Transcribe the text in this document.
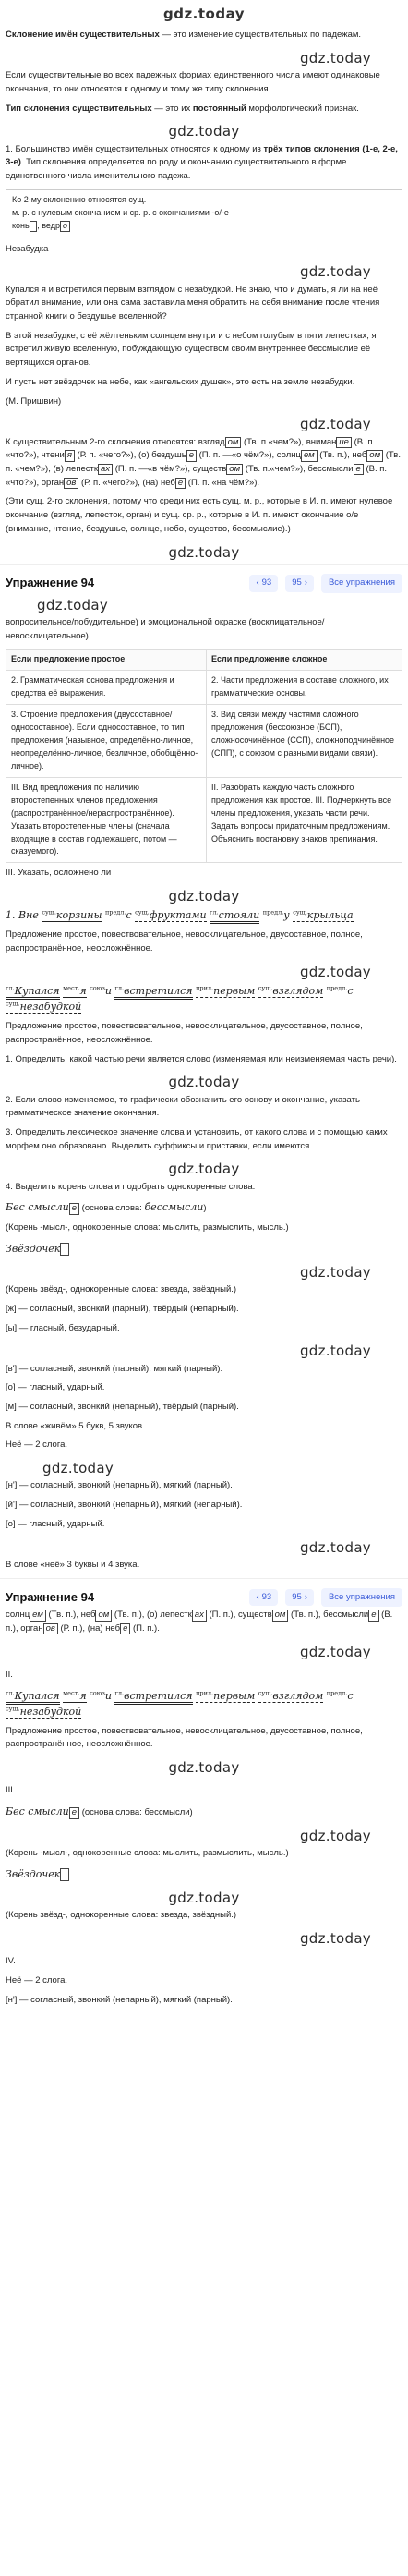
gdz.today

Склонение имён существительных — это изменение существительных по падежам.

gdz.today

Если существительные во всех падежных формах единственного числа имеют одинаковые окончания, то они относятся к одному и тому же типу склонения.

Тип склонения существительных — это их постоянный морфологический признак.

gdz.today

1. Большинство имён существительных относятся к одному из трёх типов склонения (1-е, 2-е, 3-е). Тип склонения определяется по роду и окончанию существительного в форме единственного числа именительного падежа.

Ко 2-му склонению относятся сущ.
м. р. с нулевым окончанием и ср. р. с окончаниями -о/-е
конь , ведр о

Незабудка

gdz.today

Купался я и встретился первым взглядом с незабудкой. Не знаю, что и думать, я ли на неё обратил внимание, или она сама заставила меня обратить на себя внимание после чтения странной книги о бездушье вселенной?

В этой незабудке, с её жёлтеньким солнцем внутри и с небом голубым в пяти лепестках, я встретил живую вселенную, побуждающую существом своим внутреннее бессмыслие её вертящихся органов.

И пусть нет звёздочек на небе, как «ангельских душек», это есть на земле незабудки.

(М. Пришвин)

gdz.today

К существительным 2-го склонения относятся: взгляд ом (Тв. п.«чем?»), вниман ие (В. п. «что?»), чтени я (Р. п. «чего?»), (о) бездушь е (П. п. —«о чём?»), солнц ем (Тв. п.), неб ом (Тв. п. «чем?»), (в) лепестк ах (П. п. —«в чём?»), существ ом (Тв. п.«чем?»), бессмысли е (В. п. «что?»), орган ов (Р. п. «чего?»), (на) неб е (П. п. «на чём?»).

(Эти сущ. 2-го склонения, потому что среди них есть сущ. м. р., которые в И. п. имеют нулевое окончание (взгляд, лепесток, орган) и сущ. ср. р., которые в И. п. имеют окончание о/е (внимание, чтение, бездушье, солнце, небо, существо, бессмыслие).)

gdz.today
Упражнение 94	‹ 93 95 ›	Все упражнения
gdz.today

вопросительное/побудительное) и эмоциональной окраске (восклицательное/невосклицательное).

Если предложение простое	Если предложение сложное
2. Грамматическая основа предложения и средства её выражения.	2. Части предложения в составе сложного, их грамматические основы.
3. Строение предложения (двусоставное/односоставное). Если односоставное, то тип предложения (назывное, определённо-личное, неопределённо-личное, безличное, обобщённо-личное).	3. Вид связи между частями сложного предложения (бессоюзное (БСП), сложносочинённое (ССП), сложноподчинённое (СПП), с союзом с разными видами связи).
III. Вид предложения по наличию второстепенных членов предложения (распространённое/нераспространённое). Указать второстепенные члены (сначала входящие в состав подлежащего, потом — сказуемого).	II. Разобрать каждую часть сложного предложения как простое. III. Подчеркнуть все члены предложения, указать части речи. Задать вопросы придаточным предложениям. Объяснить постановку знаков препинания.

III. Указать, осложнено ли

gdz.today

1. Вне $^{сущ.}$корзины $^{предл.}$с $^{сущ.}$фруктами $^{гл.}$стояли $^{предл.}$у $^{сущ.}$крыльца

Предложение простое, повествовательное, невосклицательное, двусоставное, полное, распространённое, неосложнённое.

gdz.today

$^{гл.}$Купался $^{мест.}$я $^{союз}$и $^{гл.}$встретился $^{прил.}$первым $^{сущ.}$взглядом $^{предл.}$с $^{сущ.}$незабудкой

Предложение простое, повествовательное, невосклицательное, двусоставное, полное, распространённое, неосложнённое.

1. Определить, какой частью речи является слово (изменяемая или неизменяемая часть речи).

gdz.today

2. Если слово изменяемое, то графически обозначить его основу и окончание, указать грамматическое значение окончания.

3. Определить лексическое значение слова и установить, от какого слова и с помощью каких морфем оно образовано. Выделить суффиксы и приставки, если имеются.

gdz.today

4. Выделить корень слова и подобрать однокоренные слова.

Бес смысли е (основа слова: бессмысли)

(Корень -мысл-, однокоренные слова: мыслить, размыслить, мысль.)

Звёздочек

gdz.today

(Корень звёзд-, однокоренные слова: звезда, звёздный.)

[ж] — согласный, звонкий (парный), твёрдый (непарный).

[ы] — гласный, безударный.

gdz.today

[в'] — согласный, звонкий (парный), мягкий (парный).

[о] — гласный, ударный.

[м] — согласный, звонкий (непарный), твёрдый (парный).

В слове «живём» 5 букв, 5 звуков.

Неё — 2 слога.

gdz.today

[н'] — согласный, звонкий (непарный), мягкий (парный).

[й'] — согласный, звонкий (непарный), мягкий (непарный).

[о] — гласный, ударный.

gdz.today

В слове «неё» 3 буквы и 4 звука.

Упражнение 94	‹ 93 95 ›	Все упражнения

солнц ем (Тв. п.), неб ом (Тв. п.), (о) лепестк ах (П. п.), существ ом (Тв. п.), бессмысли е (В. п.), орган ов (Р. п.), (на) неб е (П. п.).

gdz.today

II.

$^{гл.}$Купался $^{мест.}$я $^{союз}$и $^{гл.}$встретился $^{прил.}$первым $^{сущ.}$взглядом $^{предл.}$с $^{сущ.}$незабудкой

Предложение простое, повествовательное, невосклицательное, двусоставное, полное, распространённое, неосложнённое.

gdz.today

III.

Бес смысли е (основа слова: бессмысли)

gdz.today

(Корень -мысл-, однокоренные слова: мыслить, размыслить, мысль.)

Звёздочек

gdz.today

(Корень звёзд-, однокоренные слова: звезда, звёздный.)

gdz.today

IV.

Неё — 2 слога.

[н'] — согласный, звонкий (непарный), мягкий (парный).
